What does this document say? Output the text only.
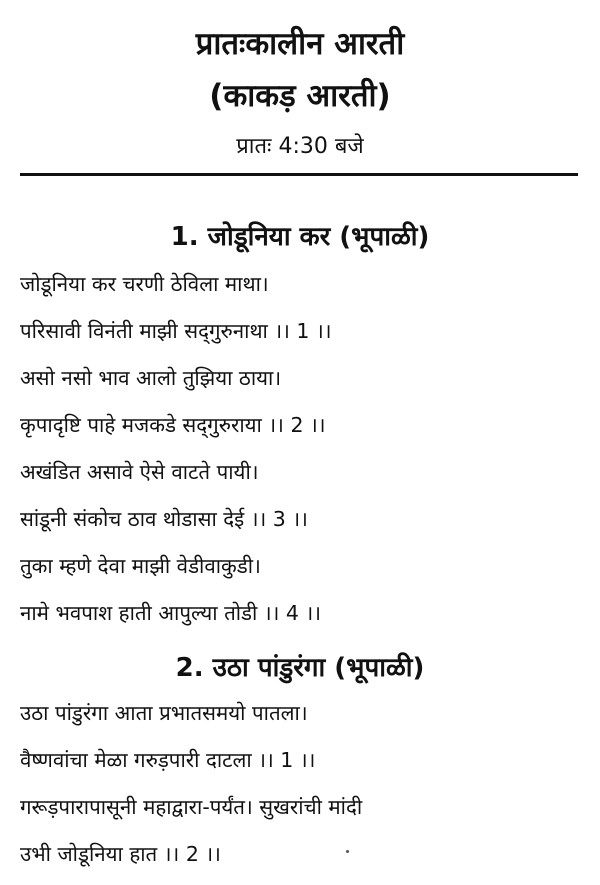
प्रातःकालीन आरती
(काकड़ आरती)
प्रातः 4:30 बजे
1. जोडूनिया कर (भूपाळी)
जोडूनिया कर चरणी ठेविला माथा।
परिसावी विनंती माझी सद्‌गुरुनाथा ।। 1 ।।
असो नसो भाव आलो तुझिया ठाया।
कृपादृष्टि पाहे मजकडे सद्‌गुरुराया ।। 2 ।।
अखंडित असावे ऐसे वाटते पायी।
सांडूनी संकोच ठाव थोडासा देई ।। 3 ।।
तुका म्हणे देवा माझी वेडीवाकुडी।
नामे भवपाश हाती आपुल्या तोडी ।। 4 ।।
2. उठा पांडुरंगा (भूपाळी)
उठा पांडुरंगा आता प्रभातसमयो पातला।
वैष्णवांचा मेळा गरुड़पारी दाटला ।। 1 ।।
गरूड़पारापासूनी महाद्वारा-पर्यंत। सुखरांची मांदी
उभी जोडूनिया हात ।। 2 ।।
